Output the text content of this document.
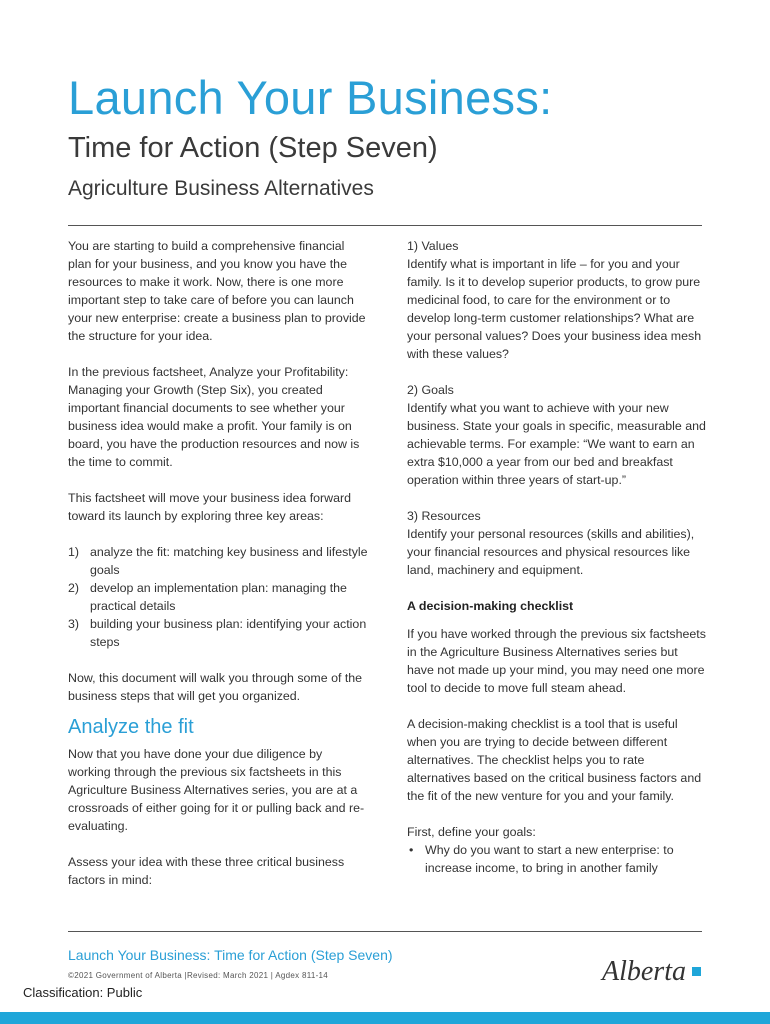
Launch Your Business:
Time for Action (Step Seven)
Agriculture Business Alternatives

You are starting to build a comprehensive financial plan for your business, and you know you have the resources to make it work. Now, there is one more important step to take care of before you can launch your new enterprise: create a business plan to provide the structure for your idea.

In the previous factsheet, Analyze your Profitability: Managing your Growth (Step Six), you created important financial documents to see whether your business idea would make a profit. Your family is on board, you have the production resources and now is the time to commit.

This factsheet will move your business idea forward toward its launch by exploring three key areas:

1) analyze the fit: matching key business and lifestyle goals
2) develop an implementation plan: managing the practical details
3) building your business plan: identifying your action steps

Now, this document will walk you through some of the business steps that will get you organized.

Analyze the fit

Now that you have done your due diligence by working through the previous six factsheets in this Agriculture Business Alternatives series, you are at a crossroads of either going for it or pulling back and re-evaluating.

Assess your idea with these three critical business factors in mind:

1) Values

Identify what is important in life – for you and your family. Is it to develop superior products, to grow pure medicinal food, to care for the environment or to develop long-term customer relationships? What are your personal values? Does your business idea mesh with these values?

2) Goals

Identify what you want to achieve with your new business. State your goals in specific, measurable and achievable terms. For example: “We want to earn an extra $10,000 a year from our bed and breakfast operation within three years of start-up.”

3) Resources

Identify your personal resources (skills and abilities), your financial resources and physical resources like land, machinery and equipment.

A decision-making checklist

If you have worked through the previous six factsheets in the Agriculture Business Alternatives series but have not made up your mind, you may need one more tool to decide to move full steam ahead.

A decision-making checklist is a tool that is useful when you are trying to decide between different alternatives. The checklist helps you to rate alternatives based on the critical business factors and the fit of the new venture for you and your family.

First, define your goals:

• Why do you want to start a new enterprise: to increase income, to bring in another family
Launch Your Business: Time for Action (Step Seven)
©2021 Government of Alberta |Revised: March 2021 | Agdex 811-14
Classification: Public
Alberta
